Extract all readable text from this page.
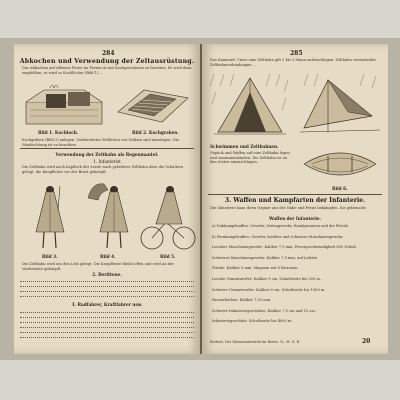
284
Abkochen und Verwendung der Zeltausrüstung.
Das Abkochen auf offenem Feuer im Freien ist mit Kochgeschirren zu bereiten. Es wird dazu empfohlen, es wird so Kochlöcher (Bild 1) ...
Bild 1. Kochloch.	Bild 2. Kochgraben.
Kochgräben (Bild 2) anlegen. Vorbereitetes Erdlöcher vor Gräben sind anzulegen. Die Windrichtung ist zu beachten.
Verwendung der Zeltbahn als Regenmantel.
1. Infanterist
Die Zeltbahn wird nach Kopfloch der Leiste nach gefalteter Zeltbahn über die Schultern gelegt, die Knopfleiste vor der Brust geknöpft.
Bild 3.	Bild 4.	Bild 5.
Die Zeltbahn wird um den Leib gelegt. Die Knopfleiste bleibt offen und wird an der Vorderseite geknöpft.
2. Berittene.
3. Radfahrer, Kraftfahrer usw.
285
Das Kamerad: Unter eine Zeltbahn gilt 2 bis 3 Mann aufzuschlagen. Zeltbahn vereinfachte Zeltbahnverbindungen ...
Schwimmen und Zeltbahnen.
Gepäck und Waffen auf eine Zeltbahn legen und zusammenbinden. Die Zeltbahn ist an den Seiten einzuschlagen.
Bild 6.
3. Waffen und Kampfarten der Infanterie.
Die Infanterie kann ihren Gegner aus der Nähe und Ferne bekämpfen. Sie gebraucht:
Waffen der Infanterie.
a) Nahkampfwaffen: Gewehr, Seitengewehr, Handgranaten und die Pistole.
b) Fernkampfwaffen: Gewehr, leichtes und schweres Maschinengewehr.
Leichtes Maschinengewehr: Kaliber 7,9 mm, Feuergeschwindigkeit 600 Schuß.
Schweres Maschinengewehr: Kaliber 7,9 mm, auf Lafette.
Pistole: Kaliber 9 mm, Magazin mit 8 Patronen.
Leichte Granatwerfer: Kaliber 5 cm, Schußweite bis 500 m.
Schwere Granatwerfer: Kaliber 8 cm, Schußweite bis 1900 m.
Panzerbüchse: Kaliber 7,92 mm.
Schwere Infanteriegeschütze: Kaliber 7,5 cm und 15 cm.
Infanteriegeschütz: Schußweite bis 4000 m.
Reibert, Der Dienstunterricht im Heere. II., M. G. B.	20
